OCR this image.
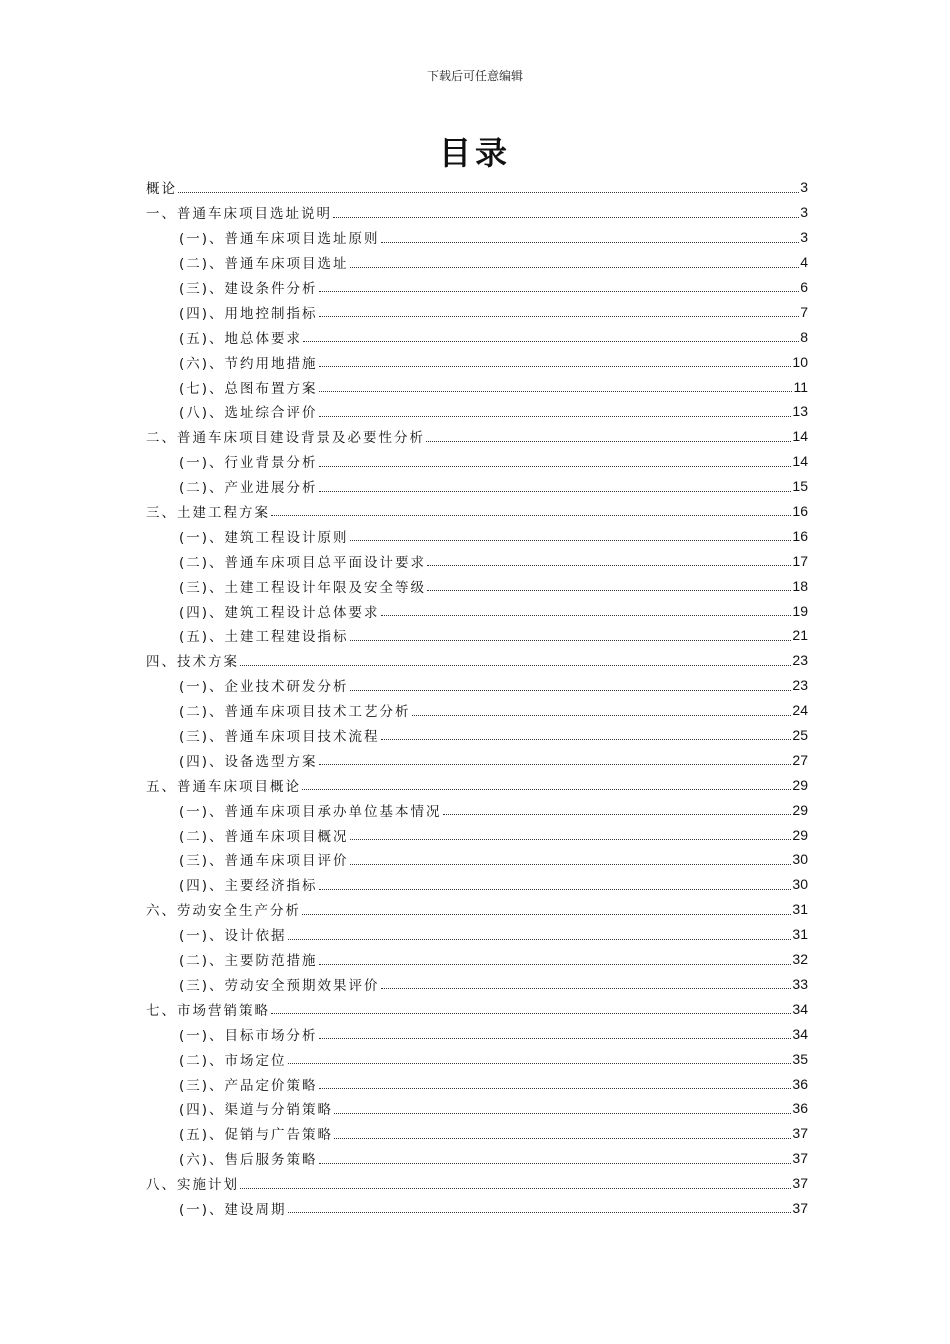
下载后可任意编辑
目录
概论	3
一、普通车床项目选址说明	3
(一)、普通车床项目选址原则	3
(二)、普通车床项目选址	4
(三)、建设条件分析	6
(四)、用地控制指标	7
(五)、地总体要求	8
(六)、节约用地措施	10
(七)、总图布置方案	11
(八)、选址综合评价	13
二、普通车床项目建设背景及必要性分析	14
(一)、行业背景分析	14
(二)、产业进展分析	15
三、土建工程方案	16
(一)、建筑工程设计原则	16
(二)、普通车床项目总平面设计要求	17
(三)、土建工程设计年限及安全等级	18
(四)、建筑工程设计总体要求	19
(五)、土建工程建设指标	21
四、技术方案	23
(一)、企业技术研发分析	23
(二)、普通车床项目技术工艺分析	24
(三)、普通车床项目技术流程	25
(四)、设备选型方案	27
五、普通车床项目概论	29
(一)、普通车床项目承办单位基本情况	29
(二)、普通车床项目概况	29
(三)、普通车床项目评价	30
(四)、主要经济指标	30
六、劳动安全生产分析	31
(一)、设计依据	31
(二)、主要防范措施	32
(三)、劳动安全预期效果评价	33
七、市场营销策略	34
(一)、目标市场分析	34
(二)、市场定位	35
(三)、产品定价策略	36
(四)、渠道与分销策略	36
(五)、促销与广告策略	37
(六)、售后服务策略	37
八、实施计划	37
(一)、建设周期	37
